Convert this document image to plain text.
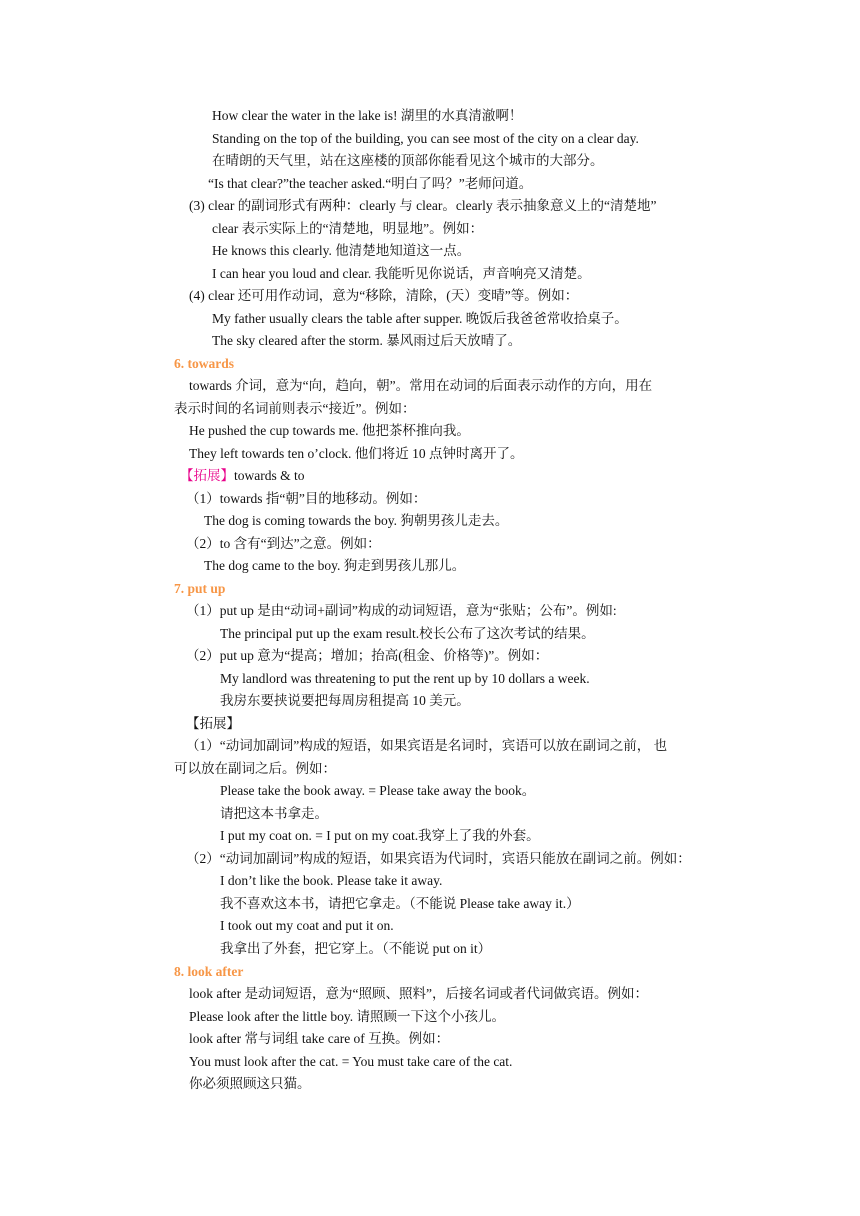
How clear the water in the lake is! 湖里的水真清澈啊！
Standing on the top of the building, you can see most of the city on a clear day.
在晴朗的天气里，站在这座楼的顶部你能看见这个城市的大部分。
“Is that clear?”the teacher asked.“明白了吗？”老师问道。
(3) clear 的副词形式有两种：clearly 与 clear。clearly 表示抽象意义上的“清楚地”
clear 表示实际上的“清楚地，明显地”。例如：
He knows this clearly. 他清楚地知道这一点。
I can hear you loud and clear. 我能听见你说话，声音响亮又清楚。
(4) clear 还可用作动词，意为“移除，清除，(天）变晴”等。例如：
My father usually clears the table after supper. 晚饭后我爸爸常收拾桌子。
The sky cleared after the storm. 暴风雨过后天放晴了。
6. towards
towards 介词，意为“向，趋向，朝”。常用在动词的后面表示动作的方向，用在
表示时间的名词前则表示“接近”。例如：
He pushed the cup towards me. 他把茶杯推向我。
They left towards ten o’clock. 他们将近 10 点钟时离开了。
【拓展】towards & to
（1）towards 指“朝”目的地移动。例如：
The dog is coming towards the boy. 狗朝男孩儿走去。
（2）to 含有“到达”之意。例如：
The dog came to the boy. 狗走到男孩儿那儿。
7. put up
（1）put up 是由“动词+副词”构成的动词短语，意为“张贴；公布”。例如:
The principal put up the exam result.校长公布了这次考试的结果。
（2）put up 意为“提高；增加；抬高(租金、价格等)”。例如：
My landlord was threatening to put the rent up by 10 dollars a week.
我房东要挟说要把每周房租提高 10 美元。
【拓展】
（1）“动词加副词”构成的短语，如果宾语是名词时，宾语可以放在副词之前， 也
可以放在副词之后。例如：
Please take the book away. = Please take away the book。
请把这本书拿走。
I put my coat on. = I put on my coat.我穿上了我的外套。
（2）“动词加副词”构成的短语，如果宾语为代词时，宾语只能放在副词之前。例如：
I don’t like the book. Please take it away.
我不喜欢这本书，请把它拿走。（不能说 Please take away it.）
I took out my coat and put it on.
我拿出了外套，把它穿上。（不能说 put on it）
8. look after
look after 是动词短语，意为“照顾、照料”，后接名词或者代词做宾语。例如：
Please look after the little boy. 请照顾一下这个小孩儿。
look after 常与词组 take care of 互换。例如：
You must look after the cat. = You must take care of the cat.
你必须照顾这只猫。
